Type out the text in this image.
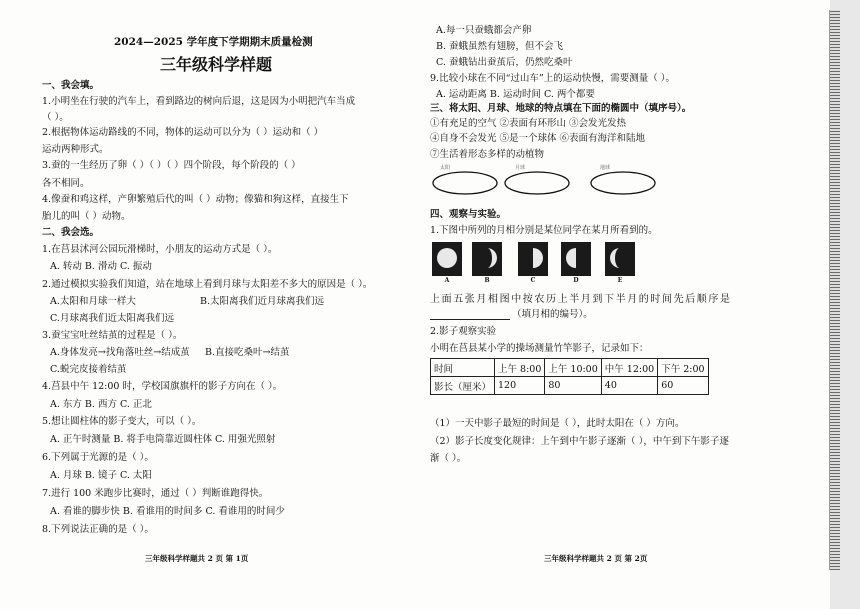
2024—2025 学年度下学期期末质量检测
三年级科学样题
一、我会填。
1.小明坐在行驶的汽车上，看到路边的树向后退，这是因为小明把汽车当成
（ ）。
2.根据物体运动路线的不同，物体的运动可以分为（ ）运动和（ ）
运动两种形式。
3.蚕的一生经历了卵（ ）（ ）（ ）四个阶段，每个阶段的（ ）
各不相同。
4.像蚕和鸡这样，产卵繁殖后代的叫（ ）动物；像猫和狗这样，直接生下
胎儿的叫（ ）动物。
二、我会选。
1.在莒县沭河公园玩滑梯时，小朋友的运动方式是（ ）。
A. 转动 B. 滑动 C. 振动
2.通过模拟实验我们知道，站在地球上看到月球与太阳差不多大的原因是（ ）。
A.太阳和月球一样大	B.太阳离我们近月球离我们远
C.月球离我们近太阳离我们远
3.蚕宝宝吐丝结茧的过程是（ ）。
A.身体发亮→找角落吐丝→结成茧 B.直接吃桑叶→结茧
C.蜕完皮接着结茧
4.莒县中午 12:00 时，学校国旗旗杆的影子方向在（ ）。
A. 东方 B. 西方 C. 正北
5.想让圆柱体的影子变大，可以（ ）。
A. 正午时测量 B. 将手电筒靠近圆柱体 C. 用强光照射
6.下列属于光源的是（ ）。
A. 月球 B. 镜子 C. 太阳
7.进行 100 米跑步比赛时，通过（ ）判断谁跑得快。
A. 看谁的脚步快 B. 看谁用的时间多 C. 看谁用的时间少
8.下列说法正确的是（ ）。
三年级科学样题共 2 页 第 1页
A.每一只蚕蛾都会产卵
B. 蚕蛾虽然有翅膀，但不会飞
C. 蚕蛾钻出蚕茧后，仍然吃桑叶
9.比较小球在不同“过山车”上的运动快慢，需要测量（ ）。
A. 运动距离 B. 运动时间 C. 两个都要
三、将太阳、月球、地球的特点填在下面的椭圆中（填序号）。
①有充足的空气 ②表面有环形山 ③会发光发热
④自身不会发光 ⑤是一个球体 ⑥表面有海洋和陆地
⑦生活着形态多样的动植物
太阳	月球	地球
四、观察与实验。
1.下图中所列的月相分别是某位同学在某月所看到的。
A	B	C	D	E
上面五张月相图中按农历上半月到下半月的时间先后顺序是
（填月相的编号）。
2.影子观察实验
小明在莒县某小学的操场测量竹竿影子，记录如下：
时间	上午 8:00	上午 10:00	中午 12:00	下午 2:00
影长（厘米）	120	80	40	60
（1）一天中影子最短的时间是（ ），此时太阳在（ ）方向。
（2）影子长度变化规律：上午到中午影子逐渐（ ），中午到下午影子逐
渐（ ）。
三年级科学样题共 2 页 第 2页
